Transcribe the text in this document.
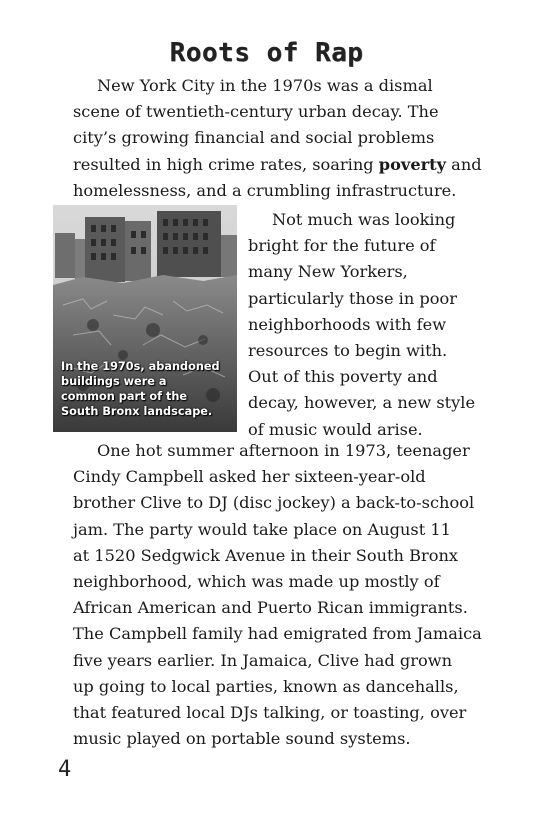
Roots of Rap
New York City in the 1970s was a dismal
scene of twentieth-century urban decay. The
city’s growing financial and social problems
resulted in high crime rates, soaring poverty and
homelessness, and a crumbling infrastructure.
In the 1970s, abandoned
buildings were a
common part of the
South Bronx landscape.
Not much was looking
bright for the future of
many New Yorkers,
particularly those in poor
neighborhoods with few
resources to begin with.
Out of this poverty and
decay, however, a new style
of music would arise.
One hot summer afternoon in 1973, teenager
Cindy Campbell asked her sixteen-year-old
brother Clive to DJ (disc jockey) a back-to-school
jam. The party would take place on August 11
at 1520 Sedgwick Avenue in their South Bronx
neighborhood, which was made up mostly of
African American and Puerto Rican immigrants.
The Campbell family had emigrated from Jamaica
five years earlier. In Jamaica, Clive had grown
up going to local parties, known as dancehalls,
that featured local DJs talking, or toasting, over
music played on portable sound systems.
4
